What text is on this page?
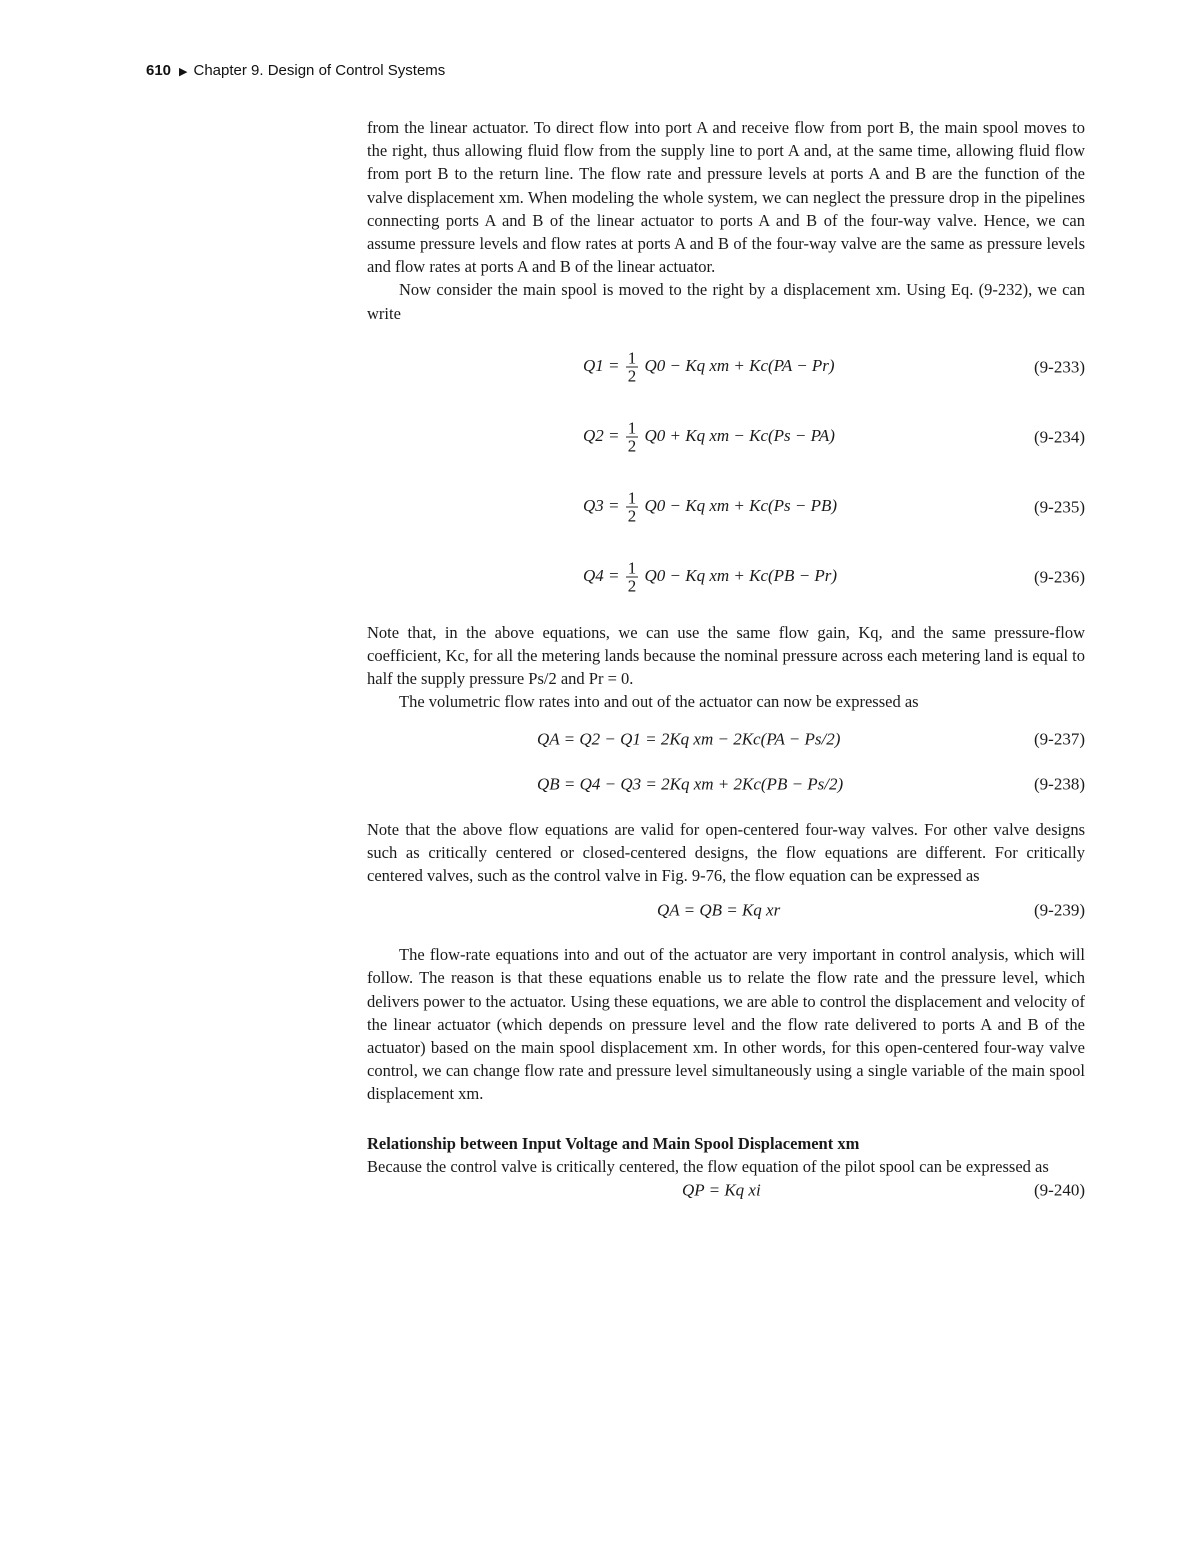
610 ▶ Chapter 9. Design of Control Systems

from the linear actuator. To direct flow into port A and receive flow from port B, the main spool moves to the right, thus allowing fluid flow from the supply line to port A and, at the same time, allowing fluid flow from port B to the return line. The flow rate and pressure levels at ports A and B are the function of the valve displacement xm. When modeling the whole system, we can neglect the pressure drop in the pipelines connecting ports A and B of the linear actuator to ports A and B of the four-way valve. Hence, we can assume pressure levels and flow rates at ports A and B of the four-way valve are the same as pressure levels and flow rates at ports A and B of the linear actuator.

Now consider the main spool is moved to the right by a displacement xm. Using Eq. (9-232), we can write

$Q1 = \frac{1}{2} Q0 - Kq$ xm + Kc(PA − Pr)	(9-233)
$Q2 = \frac{1}{2} Q0 + Kq$ xm − Kc(Ps − PA)	(9-234)
$Q3 = \frac{1}{2} Q0 - Kq$ xm + Kc(Ps − PB)	(9-235)
$Q4 = \frac{1}{2} Q0 - Kq$ xm + Kc(PB − Pr)	(9-236)

Note that, in the above equations, we can use the same flow gain, Kq, and the same pressure-flow coefficient, Kc, for all the metering lands because the nominal pressure across each metering land is equal to half the supply pressure Ps/2 and Pr = 0.

The volumetric flow rates into and out of the actuator can now be expressed as

QA = Q2 − Q1 = 2Kq xm − 2Kc(PA − Ps/2)	(9-237)
QB = Q4 − Q3 = 2Kq xm + 2Kc(PB − Ps/2)	(9-238)

Note that the above flow equations are valid for open-centered four-way valves. For other valve designs such as critically centered or closed-centered designs, the flow equations are different. For critically centered valves, such as the control valve in Fig. 9-76, the flow equation can be expressed as

QA = QB = Kq xr	(9-239)

The flow-rate equations into and out of the actuator are very important in control analysis, which will follow. The reason is that these equations enable us to relate the flow rate and the pressure level, which delivers power to the actuator. Using these equations, we are able to control the displacement and velocity of the linear actuator (which depends on pressure level and the flow rate delivered to ports A and B of the actuator) based on the main spool displacement xm. In other words, for this open-centered four-way valve control, we can change flow rate and pressure level simultaneously using a single variable of the main spool displacement xm.

Relationship between Input Voltage and Main Spool Displacement xm

Because the control valve is critically centered, the flow equation of the pilot spool can be expressed as

QP = Kq xi	(9-240)
